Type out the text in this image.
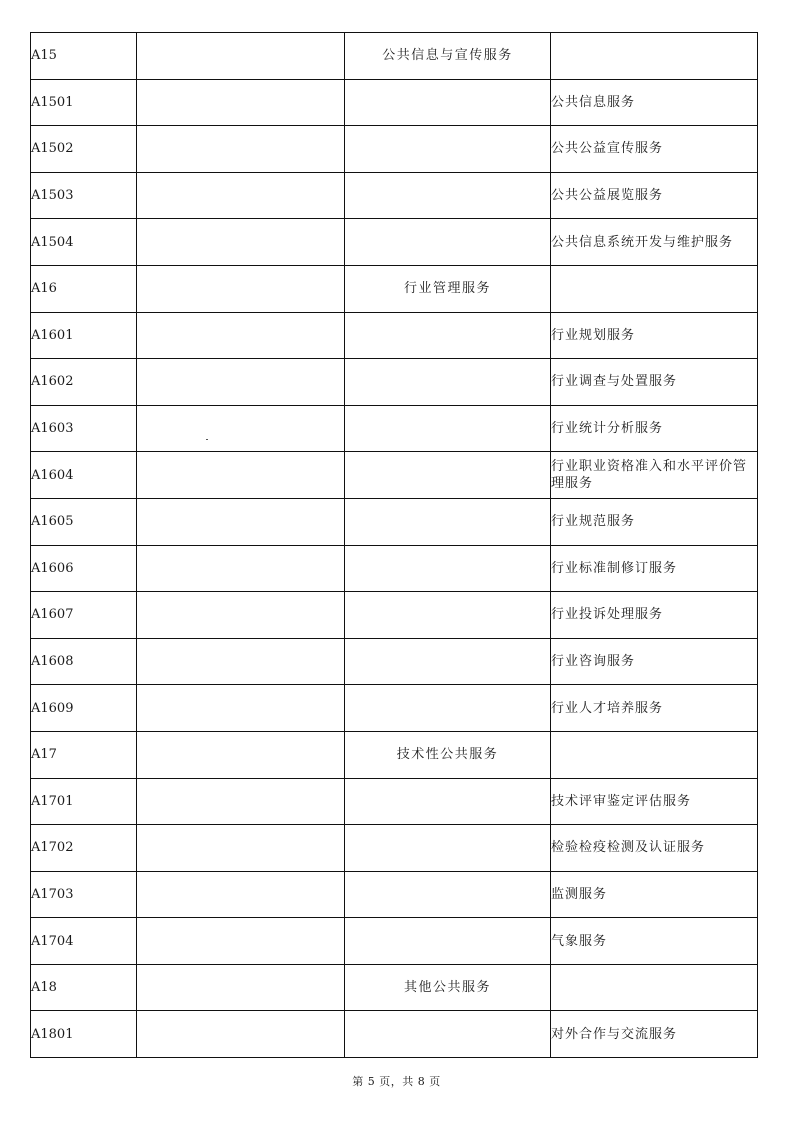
A15		公共信息与宣传服务	
A1501			公共信息服务
A1502			公共公益宣传服务
A1503			公共公益展览服务
A1504			公共信息系统开发与维护服务
A16		行业管理服务	
A1601			行业规划服务
A1602			行业调查与处置服务
A1603			行业统计分析服务
A1604			行业职业资格准入和水平评价管理服务
A1605			行业规范服务
A1606			行业标准制修订服务
A1607			行业投诉处理服务
A1608			行业咨询服务
A1609			行业人才培养服务
A17		技术性公共服务	
A1701			技术评审鉴定评估服务
A1702			检验检疫检测及认证服务
A1703			监测服务
A1704			气象服务
A18		其他公共服务	
A1801			对外合作与交流服务
第 5 页，共 8 页
